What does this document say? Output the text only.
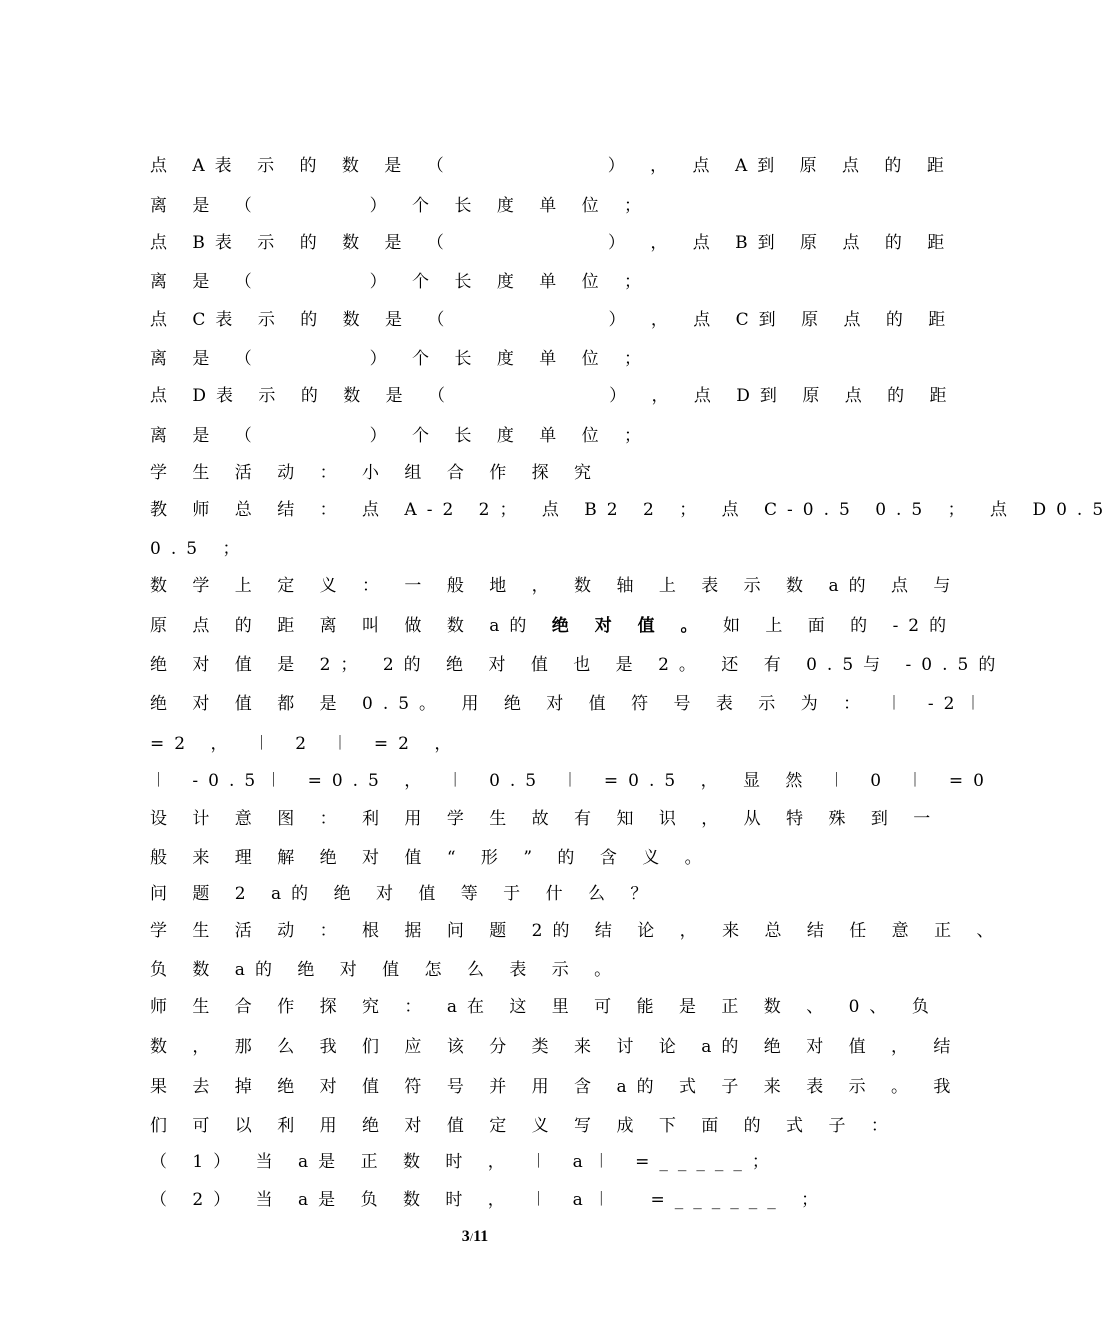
点 A表 示 的 数 是 （          ） ， 点 A到 原 点 的 距
离 是 （       ） 个 长 度 单 位 ；
点 B表 示 的 数 是 （          ） ， 点 B到 原 点 的 距
离 是 （       ） 个 长 度 单 位 ；
点 C表 示 的 数 是 （          ） ， 点 C到 原 点 的 距
离 是 （       ） 个 长 度 单 位 ；
点 D表 示 的 数 是 （          ） ， 点 D到 原 点 的 距
离 是 （       ） 个 长 度 单 位 ；
学 生 活 动 ： 小 组 合 作 探 究
教 师 总 结 ： 点 A-2 2； 点 B2 2 ； 点 C-0.5 0.5 ； 点 D0.5
0.5 ；
数 学 上 定 义 ： 一 般 地 ， 数 轴 上 表 示 数 a的 点 与
原 点 的 距 离 叫 做 数 a的 绝 对 值 。 如 上 面 的 -2的
绝 对 值 是 2； 2的 绝 对 值 也 是 2。 还 有 0.5与 -0.5的
绝 对 值 都 是 0.5。 用 绝 对 值 符 号 表 示 为 ： ︱ -2︱
=2 ， ︱ 2 ︱ =2 ，
︱ -0.5︱ =0.5 ， ︱ 0.5 ︱ =0.5 ， 显 然 ︱ 0 ︱ =0
设 计 意 图 ： 利 用 学 生 故 有 知 识 ， 从 特 殊 到 一
般 来 理 解 绝 对 值 “ 形 ” 的 含 义 。
问 题 2 a的 绝 对 值 等 于 什 么 ？
学 生 活 动 ： 根 据 问 题 2的 结 论 ， 来 总 结 任 意 正 、
负 数 a的 绝 对 值 怎 么 表 示 。
师 生 合 作 探 究 ： a在 这 里 可 能 是 正 数 、 0、 负
数 ， 那 么 我 们 应 该 分 类 来 讨 论 a的 绝 对 值 ， 结
果 去 掉 绝 对 值 符 号 并 用 含 a的 式 子 来 表 示 。 我
们 可 以 利 用 绝 对 值 定 义 写 成 下 面 的 式 子 ：
（ 1） 当 a是 正 数 时 ， ︱ a︱ =_____；
（ 2） 当 a是 负 数 时 ， ︱ a︱  =______ ；
3/11
